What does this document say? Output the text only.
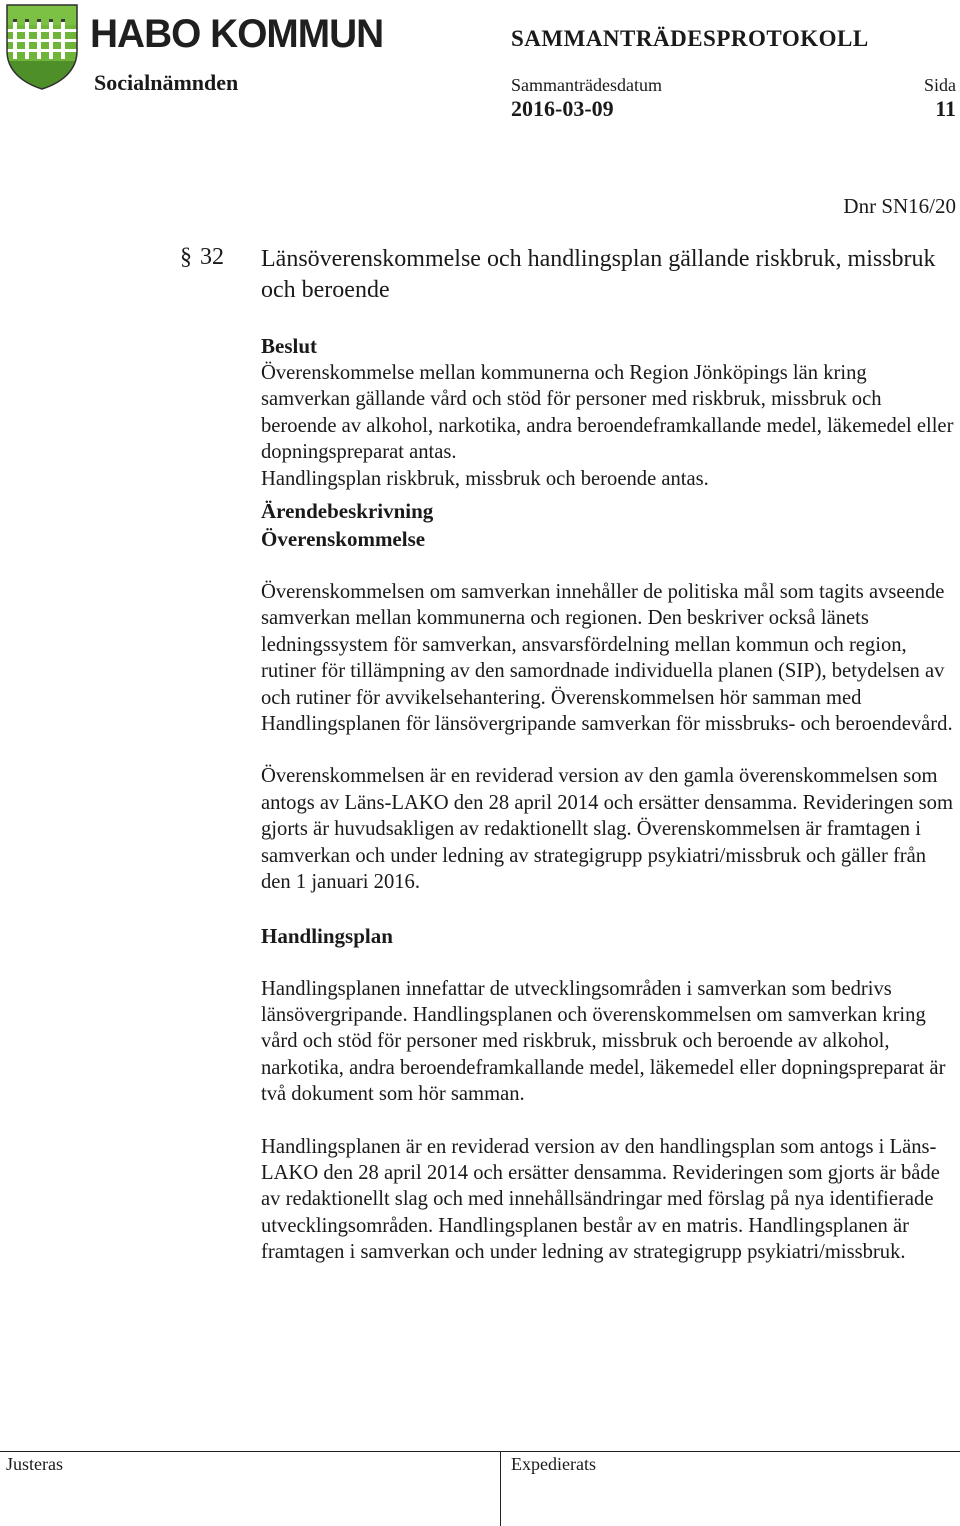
HABO KOMMUN
Socialnämnden
SAMMANTRÄDESPROTOKOLL
Sammanträdesdatum	Sida
2016-03-09	11
Dnr SN16/20
§ 32 Länsöverenskommelse och handlingsplan gällande riskbruk, missbruk och beroende
Beslut

Överenskommelse mellan kommunerna och Region Jönköpings län kring samverkan gällande vård och stöd för personer med riskbruk, missbruk och beroende av alkohol, narkotika, andra beroendeframkallande medel, läkemedel eller dopningspreparat antas.

Handlingsplan riskbruk, missbruk och beroende antas.

Ärendebeskrivning
Överenskommelse

Överenskommelsen om samverkan innehåller de politiska mål som tagits avseende samverkan mellan kommunerna och regionen. Den beskriver också länets ledningssystem för samverkan, ansvarsfördelning mellan kommun och region, rutiner för tillämpning av den samordnade individuella planen (SIP), betydelsen av och rutiner för avvikelsehantering. Överenskommelsen hör samman med Handlingsplanen för länsövergripande samverkan för missbruks- och beroendevård.

Överenskommelsen är en reviderad version av den gamla överenskommelsen som antogs av Läns-LAKO den 28 april 2014 och ersätter densamma. Revideringen som gjorts är huvudsakligen av redaktionellt slag. Överenskommelsen är framtagen i samverkan och under ledning av strategigrupp psykiatri/missbruk och gäller från den 1 januari 2016.

Handlingsplan

Handlingsplanen innefattar de utvecklingsområden i samverkan som bedrivs länsövergripande. Handlingsplanen och överenskommelsen om samverkan kring vård och stöd för personer med riskbruk, missbruk och beroende av alkohol, narkotika, andra beroendeframkallande medel, läkemedel eller dopningspreparat är två dokument som hör samman.

Handlingsplanen är en reviderad version av den handlingsplan som antogs i Läns-LAKO den 28 april 2014 och ersätter densamma. Revideringen som gjorts är både av redaktionellt slag och med innehållsändringar med förslag på nya identifierade utvecklingsområden. Handlingsplanen består av en matris. Handlingsplanen är framtagen i samverkan och under ledning av strategigrupp psykiatri/missbruk.

Justeras	Expedierats
